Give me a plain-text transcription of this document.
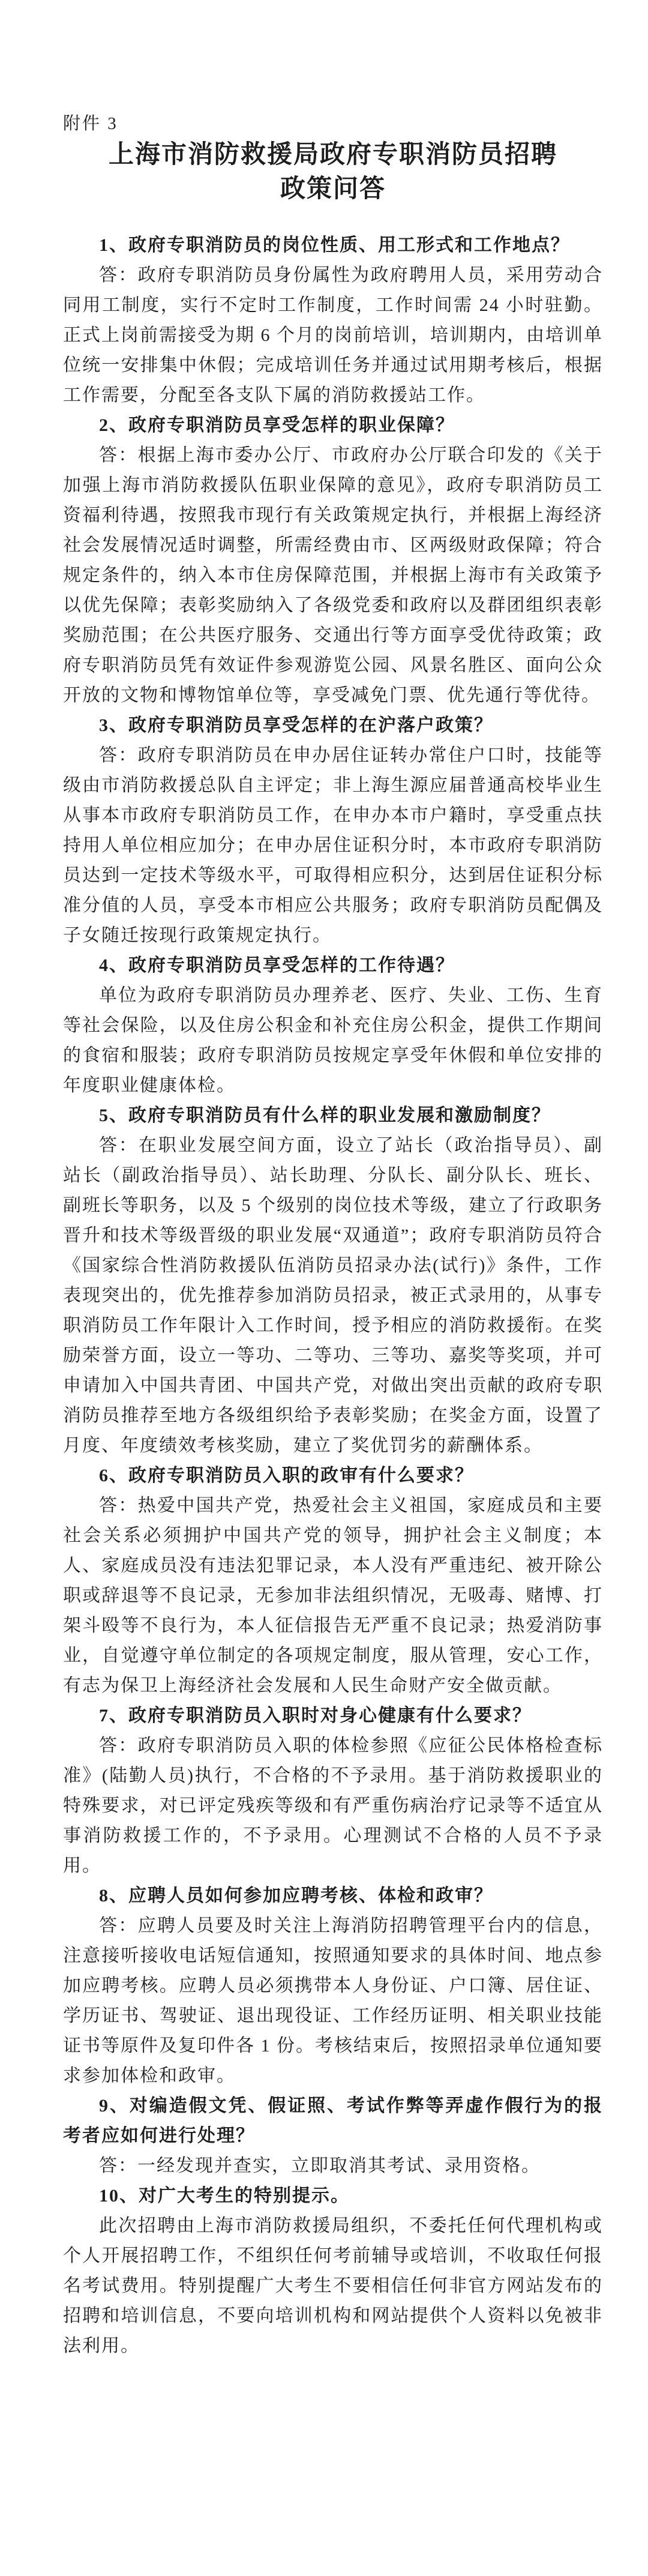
附件 3
上海市消防救援局政府专职消防员招聘
政策问答

1、政府专职消防员的岗位性质、用工形式和工作地点？

答：政府专职消防员身份属性为政府聘用人员，采用劳动合同用工制度，实行不定时工作制度，工作时间需 24 小时驻勤。正式上岗前需接受为期 6 个月的岗前培训，培训期内，由培训单位统一安排集中休假；完成培训任务并通过试用期考核后，根据工作需要，分配至各支队下属的消防救援站工作。

2、政府专职消防员享受怎样的职业保障？

答：根据上海市委办公厅、市政府办公厅联合印发的《关于加强上海市消防救援队伍职业保障的意见》，政府专职消防员工资福利待遇，按照我市现行有关政策规定执行，并根据上海经济社会发展情况适时调整，所需经费由市、区两级财政保障；符合规定条件的，纳入本市住房保障范围，并根据上海市有关政策予以优先保障；表彰奖励纳入了各级党委和政府以及群团组织表彰奖励范围；在公共医疗服务、交通出行等方面享受优待政策；政府专职消防员凭有效证件参观游览公园、风景名胜区、面向公众开放的文物和博物馆单位等，享受减免门票、优先通行等优待。

3、政府专职消防员享受怎样的在沪落户政策？

答：政府专职消防员在申办居住证转办常住户口时，技能等级由市消防救援总队自主评定；非上海生源应届普通高校毕业生从事本市政府专职消防员工作，在申办本市户籍时，享受重点扶持用人单位相应加分；在申办居住证积分时，本市政府专职消防员达到一定技术等级水平，可取得相应积分，达到居住证积分标准分值的人员，享受本市相应公共服务；政府专职消防员配偶及子女随迁按现行政策规定执行。

4、政府专职消防员享受怎样的工作待遇？

单位为政府专职消防员办理养老、医疗、失业、工伤、生育等社会保险，以及住房公积金和补充住房公积金，提供工作期间的食宿和服装；政府专职消防员按规定享受年休假和单位安排的年度职业健康体检。

5、政府专职消防员有什么样的职业发展和激励制度？

答：在职业发展空间方面，设立了站长（政治指导员）、副站长（副政治指导员）、站长助理、分队长、副分队长、班长、副班长等职务，以及 5 个级别的岗位技术等级，建立了行政职务晋升和技术等级晋级的职业发展“双通道”；政府专职消防员符合《国家综合性消防救援队伍消防员招录办法(试行)》条件，工作表现突出的，优先推荐参加消防员招录，被正式录用的，从事专职消防员工作年限计入工作时间，授予相应的消防救援衔。在奖励荣誉方面，设立一等功、二等功、三等功、嘉奖等奖项，并可申请加入中国共青团、中国共产党，对做出突出贡献的政府专职消防员推荐至地方各级组织给予表彰奖励；在奖金方面，设置了月度、年度绩效考核奖励，建立了奖优罚劣的薪酬体系。

6、政府专职消防员入职的政审有什么要求？

答：热爱中国共产党，热爱社会主义祖国，家庭成员和主要社会关系必须拥护中国共产党的领导，拥护社会主义制度；本人、家庭成员没有违法犯罪记录，本人没有严重违纪、被开除公职或辞退等不良记录，无参加非法组织情况，无吸毒、赌博、打架斗殴等不良行为，本人征信报告无严重不良记录；热爱消防事业，自觉遵守单位制定的各项规定制度，服从管理，安心工作，有志为保卫上海经济社会发展和人民生命财产安全做贡献。

7、政府专职消防员入职时对身心健康有什么要求？

答：政府专职消防员入职的体检参照《应征公民体格检查标准》(陆勤人员)执行，不合格的不予录用。基于消防救援职业的特殊要求，对已评定残疾等级和有严重伤病治疗记录等不适宜从事消防救援工作的，不予录用。心理测试不合格的人员不予录用。

8、应聘人员如何参加应聘考核、体检和政审？

答：应聘人员要及时关注上海消防招聘管理平台内的信息，注意接听接收电话短信通知，按照通知要求的具体时间、地点参加应聘考核。应聘人员必须携带本人身份证、户口簿、居住证、学历证书、驾驶证、退出现役证、工作经历证明、相关职业技能证书等原件及复印件各 1 份。考核结束后，按照招录单位通知要求参加体检和政审。

9、对编造假文凭、假证照、考试作弊等弄虚作假行为的报考者应如何进行处理？

答：一经发现并查实，立即取消其考试、录用资格。

10、对广大考生的特别提示。

此次招聘由上海市消防救援局组织，不委托任何代理机构或个人开展招聘工作，不组织任何考前辅导或培训，不收取任何报名考试费用。特别提醒广大考生不要相信任何非官方网站发布的招聘和培训信息，不要向培训机构和网站提供个人资料以免被非法利用。
